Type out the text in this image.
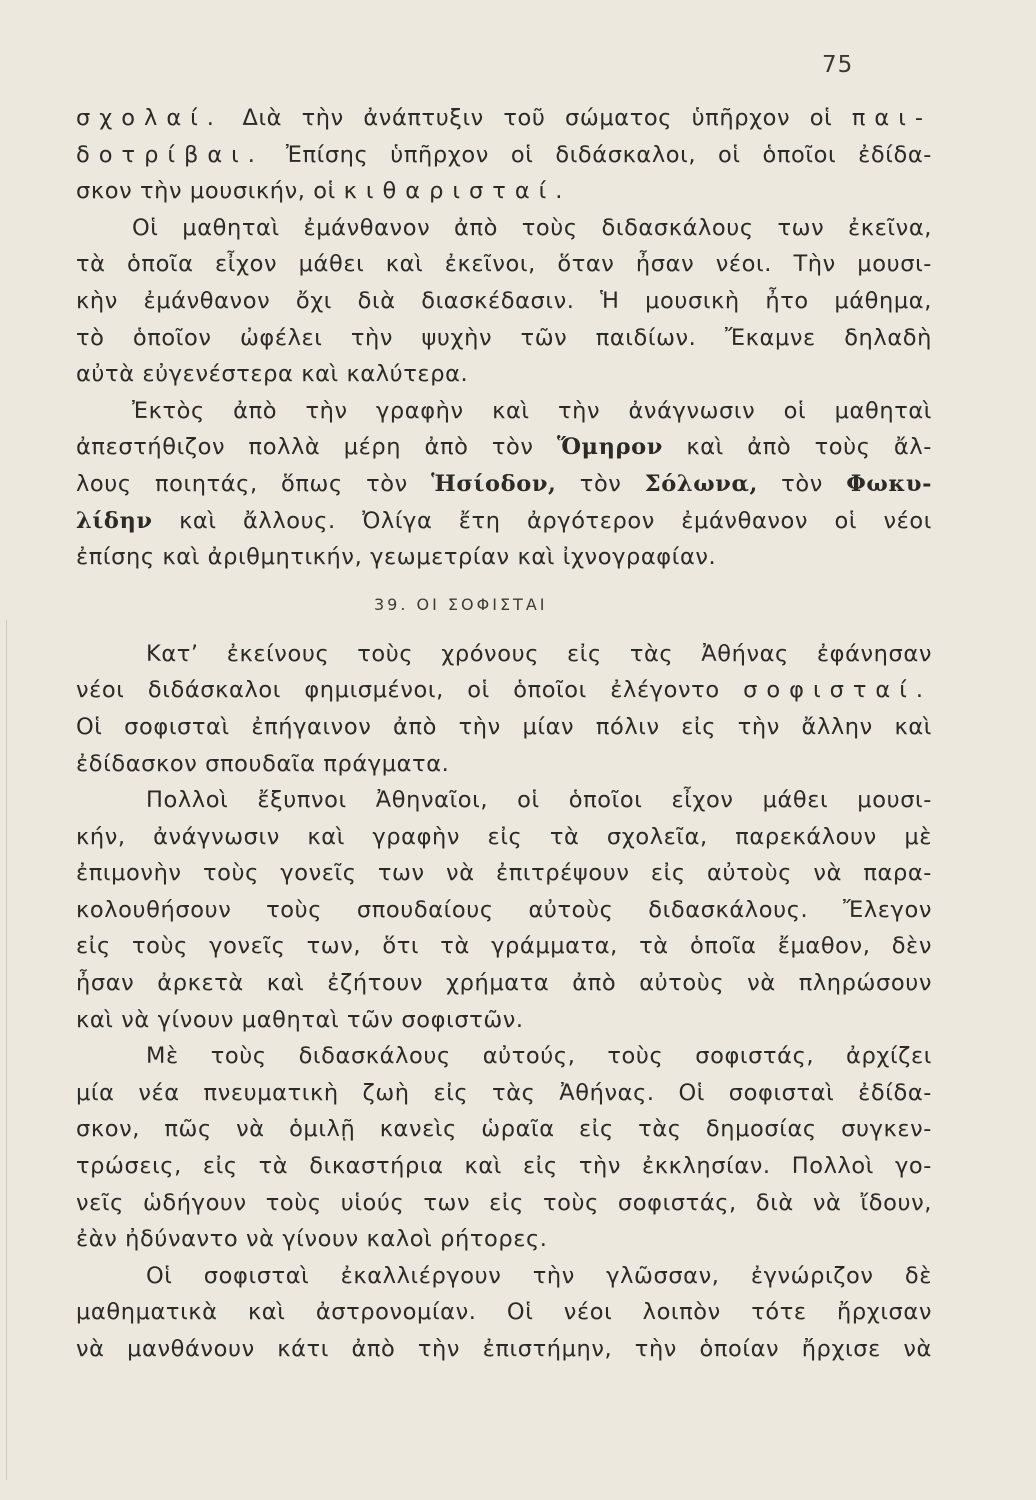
75
σχολαί. Διὰ τὴν ἀνάπτυξιν τοῦ σώματος ὑπῆρχον οἱ παι-
δοτρίβαι. Ἐπίσης ὑπῆρχον οἱ διδάσκαλοι, οἱ ὁποῖοι ἐδίδα-
σκον τὴν μουσικήν, οἱ κιθαρισταί.
Οἱ μαθηταὶ ἐμάνθανον ἀπὸ τοὺς διδασκάλους των ἐκεῖνα,
τὰ ὁποῖα εἶχον μάθει καὶ ἐκεῖνοι, ὅταν ἦσαν νέοι. Τὴν μουσι-
κὴν ἐμάνθανον ὄχι διὰ διασκέδασιν. Ἡ μουσικὴ ἦτο μάθημα,
τὸ ὁποῖον ὠφέλει τὴν ψυχὴν τῶν παιδίων. Ἔκαμνε δηλαδὴ
αὐτὰ εὐγενέστερα καὶ καλύτερα.
Ἐκτὸς ἀπὸ τὴν γραφὴν καὶ τὴν ἀνάγνωσιν οἱ μαθηταὶ
ἀπεστήθιζον πολλὰ μέρη ἀπὸ τὸν Ὅμηρον καὶ ἀπὸ τοὺς ἄλ-
λους ποιητάς, ὅπως τὸν Ἡσίοδον, τὸν Σόλωνα, τὸν Φωκυ-
λίδην καὶ ἄλλους. Ὀλίγα ἔτη ἀργότερον ἐμάνθανον οἱ νέοι
ἐπίσης καὶ ἀριθμητικήν, γεωμετρίαν καὶ ἰχνογραφίαν.
39. ΟΙ ΣΟΦΙΣΤΑΙ
Κατ’ ἐκείνους τοὺς χρόνους εἰς τὰς Ἀθήνας ἐφάνησαν
νέοι διδάσκαλοι φημισμένοι, οἱ ὁποῖοι ἐλέγοντο σοφισταί.
Οἱ σοφισταὶ ἐπήγαινον ἀπὸ τὴν μίαν πόλιν εἰς τὴν ἄλλην καὶ
ἐδίδασκον σπουδαῖα πράγματα.
Πολλοὶ ἔξυπνοι Ἀθηναῖοι, οἱ ὁποῖοι εἶχον μάθει μουσι-
κήν, ἀνάγνωσιν καὶ γραφὴν εἰς τὰ σχολεῖα, παρεκάλουν μὲ
ἐπιμονὴν τοὺς γονεῖς των νὰ ἐπιτρέψουν εἰς αὐτοὺς νὰ παρα-
κολουθήσουν τοὺς σπουδαίους αὐτοὺς διδασκάλους. Ἔλεγον
εἰς τοὺς γονεῖς των, ὅτι τὰ γράμματα, τὰ ὁποῖα ἔμαθον, δὲν
ἦσαν ἀρκετὰ καὶ ἐζήτουν χρήματα ἀπὸ αὐτοὺς νὰ πληρώσουν
καὶ νὰ γίνουν μαθηταὶ τῶν σοφιστῶν.
Μὲ τοὺς διδασκάλους αὐτούς, τοὺς σοφιστάς, ἀρχίζει
μία νέα πνευματικὴ ζωὴ εἰς τὰς Ἀθήνας. Οἱ σοφισταὶ ἐδίδα-
σκον, πῶς νὰ ὁμιλῇ κανεὶς ὡραῖα εἰς τὰς δημοσίας συγκεν-
τρώσεις, εἰς τὰ δικαστήρια καὶ εἰς τὴν ἐκκλησίαν. Πολλοὶ γο-
νεῖς ὡδήγουν τοὺς υἱούς των εἰς τοὺς σοφιστάς, διὰ νὰ ἴδουν,
ἐὰν ἠδύναντο νὰ γίνουν καλοὶ ρήτορες.
Οἱ σοφισταὶ ἐκαλλιέργουν τὴν γλῶσσαν, ἐγνώριζον δὲ
μαθηματικὰ καὶ ἀστρονομίαν. Οἱ νέοι λοιπὸν τότε ἤρχισαν
νὰ μανθάνουν κάτι ἀπὸ τὴν ἐπιστήμην, τὴν ὁποίαν ἤρχισε νὰ
